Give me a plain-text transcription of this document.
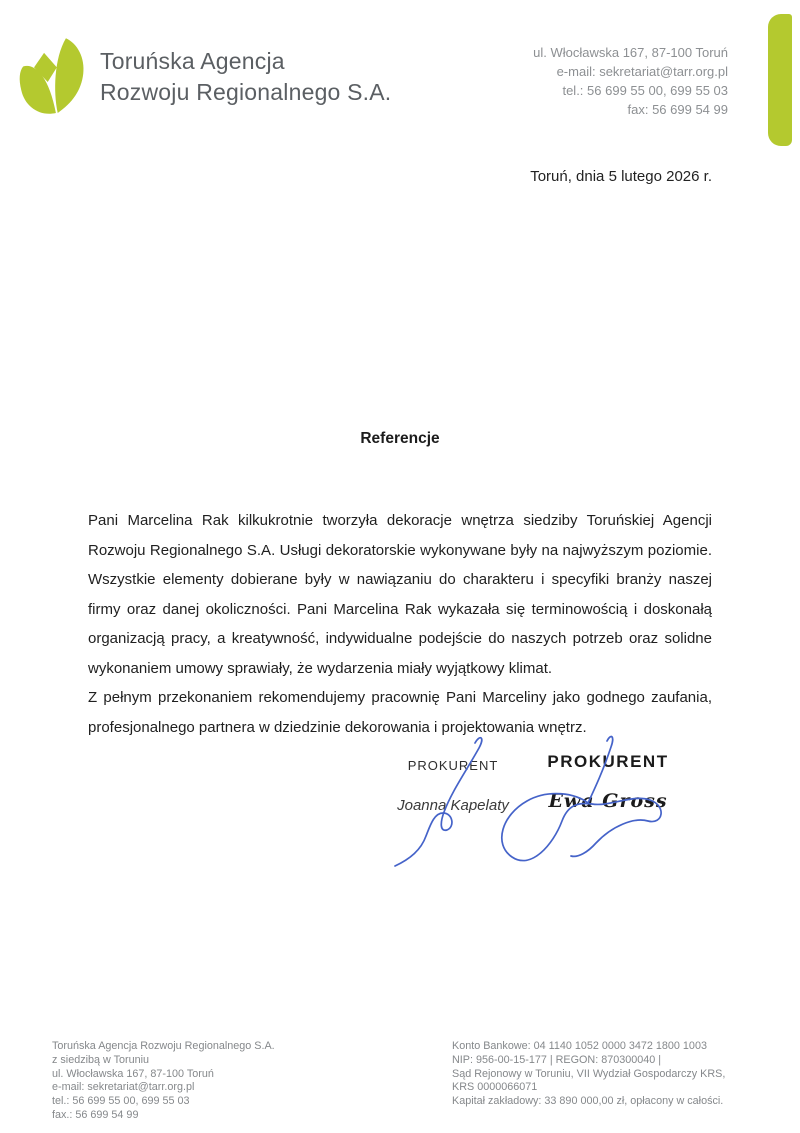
Toruńska Agencja
Rozwoju Regionalnego S.A.
ul. Włocławska 167, 87-100 Toruń
e-mail: sekretariat@tarr.org.pl
tel.: 56 699 55 00, 699 55 03
fax: 56 699 54 99
Toruń, dnia 5 lutego 2026 r.
Referencje

Pani Marcelina Rak kilkukrotnie tworzyła dekoracje wnętrza siedziby Toruńskiej Agencji Rozwoju Regionalnego S.A. Usługi dekoratorskie wykonywane były na najwyższym poziomie. Wszystkie elementy dobierane były w nawiązaniu do charakteru i specyfiki branży naszej firmy oraz danej okoliczności. Pani Marcelina Rak wykazała się terminowością i doskonałą organizacją pracy, a kreatywność, indywidualne podejście do naszych potrzeb oraz solidne wykonaniem umowy sprawiały, że wydarzenia miały wyjątkowy klimat.

Z pełnym przekonaniem rekomendujemy pracownię Pani Marceliny jako godnego zaufania, profesjonalnego partnera w dziedzinie dekorowania i projektowania wnętrz.

PROKURENT
Joanna Kapelaty
PROKURENT
Ewa Gross
Toruńska Agencja Rozwoju Regionalnego S.A.
z siedzibą w Toruniu
ul. Włocławska 167, 87-100 Toruń
e-mail: sekretariat@tarr.org.pl
tel.: 56 699 55 00, 699 55 03
fax.: 56 699 54 99
Konto Bankowe: 04 1140 1052 0000 3472 1800 1003
NIP: 956-00-15-177 | REGON: 870300040 |
Sąd Rejonowy w Toruniu, VII Wydział Gospodarczy KRS,
KRS 0000066071
Kapitał zakładowy: 33 890 000,00 zł, opłacony w całości.
